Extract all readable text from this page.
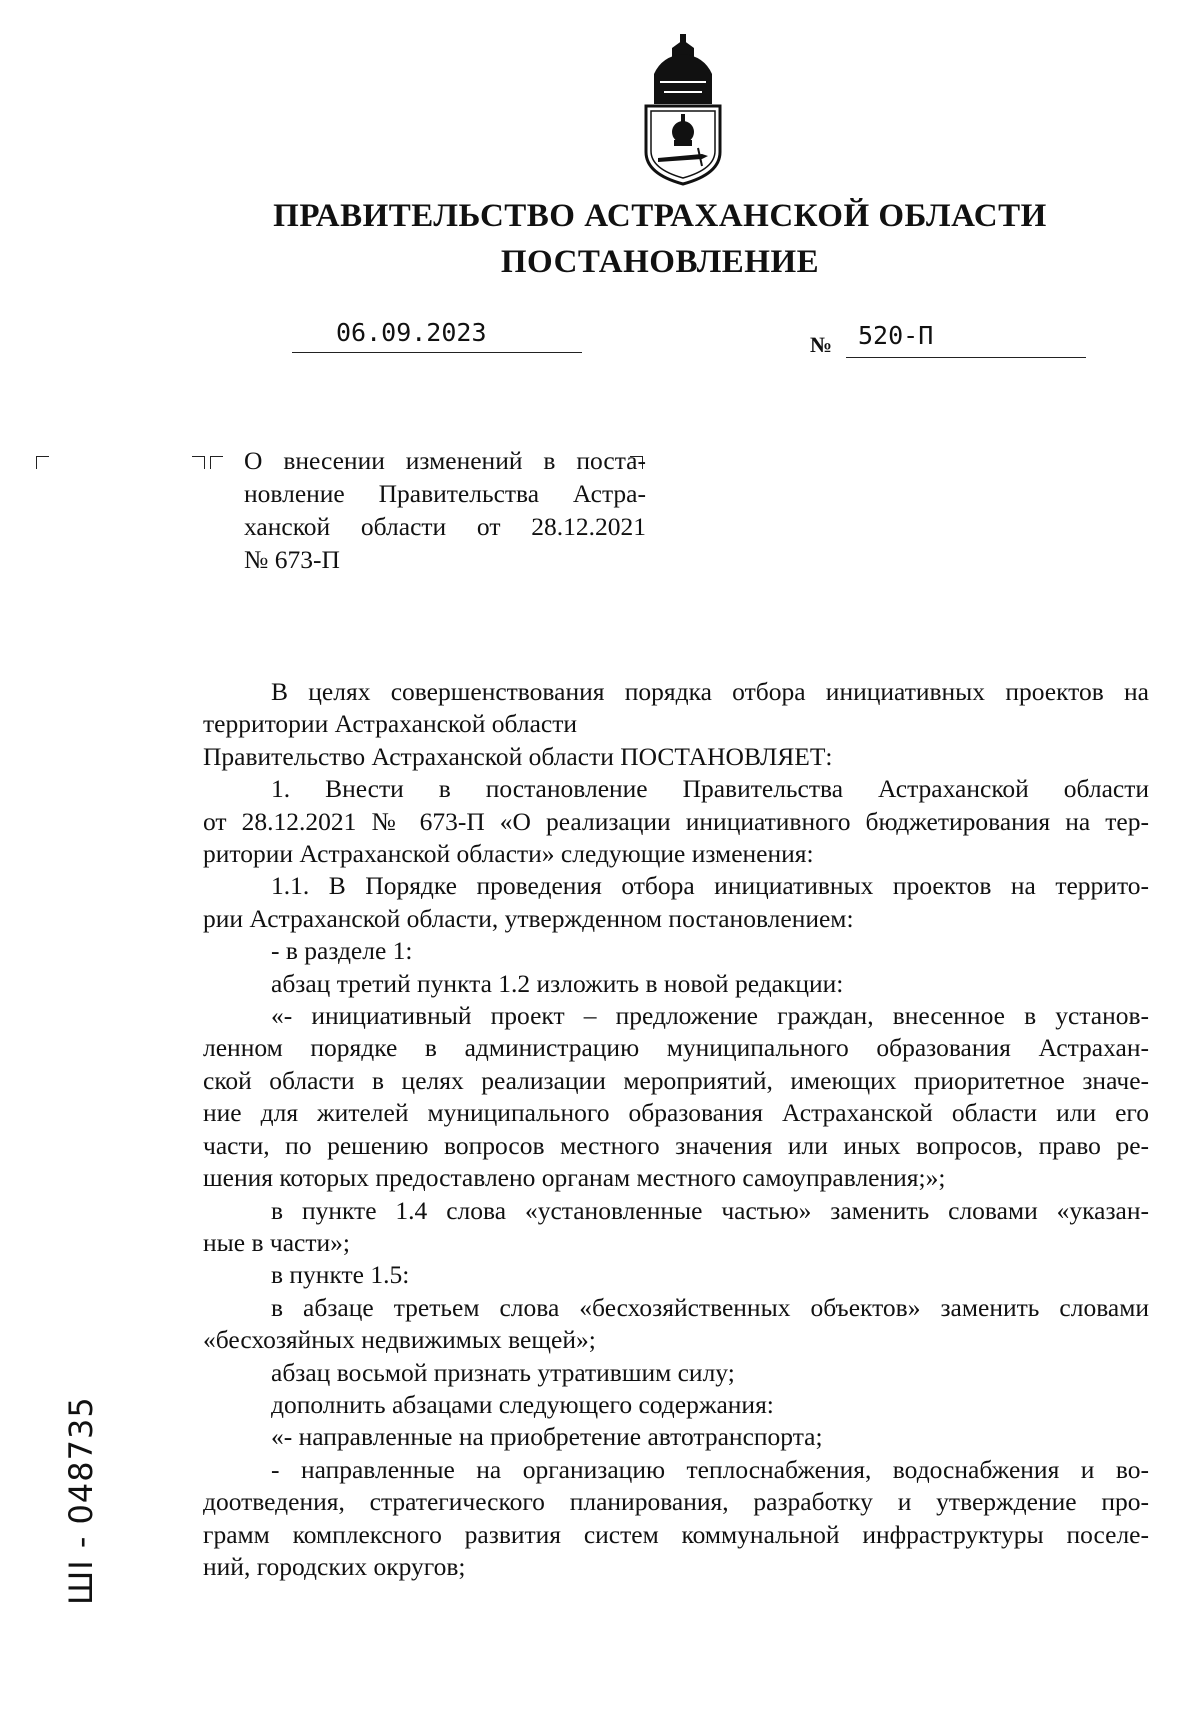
ПРАВИТЕЛЬСТВО АСТРАХАНСКОЙ ОБЛАСТИ
ПОСТАНОВЛЕНИЕ
06.09.2023	№ 520-П
О внесении изменений в поста-
новление Правительства Астра-
ханской области от 28.12.2021
№ 673-П
В целях совершенствования порядка отбора инициативных проектов на
территории Астраханской области
Правительство Астраханской области ПОСТАНОВЛЯЕТ:
1. Внести в постановление Правительства Астраханской области
от 28.12.2021 № 673-П «О реализации инициативного бюджетирования на тер-
ритории Астраханской области» следующие изменения:
1.1. В Порядке проведения отбора инициативных проектов на террито-
рии Астраханской области, утвержденном постановлением:
- в разделе 1:
абзац третий пункта 1.2 изложить в новой редакции:
«- инициативный проект – предложение граждан, внесенное в установ-
ленном порядке в администрацию муниципального образования Астрахан-
ской области в целях реализации мероприятий, имеющих приоритетное значе-
ние для жителей муниципального образования Астраханской области или его
части, по решению вопросов местного значения или иных вопросов, право ре-
шения которых предоставлено органам местного самоуправления;»;
в пункте 1.4 слова «установленные частью» заменить словами «указан-
ные в части»;
в пункте 1.5:
в абзаце третьем слова «бесхозяйственных объектов» заменить словами
«бесхозяйных недвижимых вещей»;
абзац восьмой признать утратившим силу;
дополнить абзацами следующего содержания:
«- направленные на приобретение автотранспорта;
- направленные на организацию теплоснабжения, водоснабжения и во-
доотведения, стратегического планирования, разработку и утверждение про-
грамм комплексного развития систем коммунальной инфраструктуры поселе-
ний, городских округов;
ШI - 048735
